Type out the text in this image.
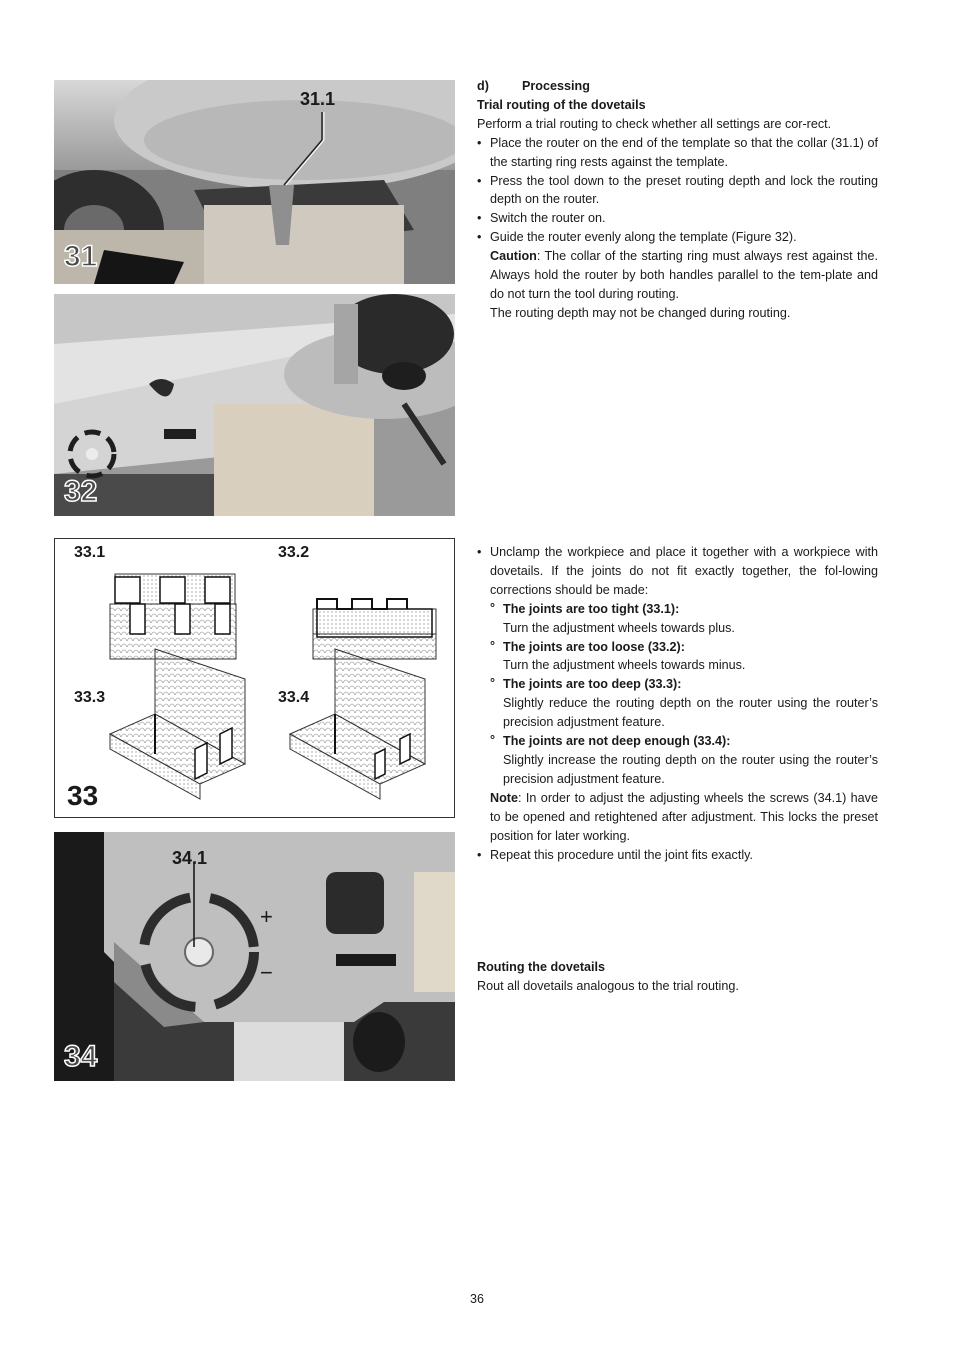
31.1
31
32
33.1	33.2
33.3	33.4
33
34.1
+
−
34
d)	Processing

Trial routing of the dovetails

Perform a trial routing to check whether all settings are cor-rect.

• Place the router on the end of the template so that the collar (31.1) of the starting ring rests against the template.
• Press the tool down to the preset routing depth and lock the routing depth on the router.
• Switch the router on.
• Guide the router evenly along the template (Figure 32).

Caution: The collar of the starting ring must always rest against the. Always hold the router by both handles parallel to the tem-plate and do not turn the tool during routing.

The routing depth may not be changed during routing.

• Unclamp the workpiece and place it together with a workpiece with dovetails. If the joints do not fit exactly together, the fol-lowing corrections should be made:
° The joints are too tight (33.1):

Turn the adjustment wheels towards plus.

° The joints are too loose (33.2):

Turn the adjustment wheels towards minus.

° The joints are too deep (33.3):

Slightly reduce the routing depth on the router using the router’s precision adjustment feature.

° The joints are not deep enough (33.4):

Slightly increase the routing depth on the router using the router’s precision adjustment feature.

Note: In order to adjust the adjusting wheels the screws (34.1) have to be opened and retightened after adjustment. This locks the preset position for later working.

• Repeat this procedure until the joint fits exactly.

Routing the dovetails

Rout all dovetails analogous to the trial routing.

36
